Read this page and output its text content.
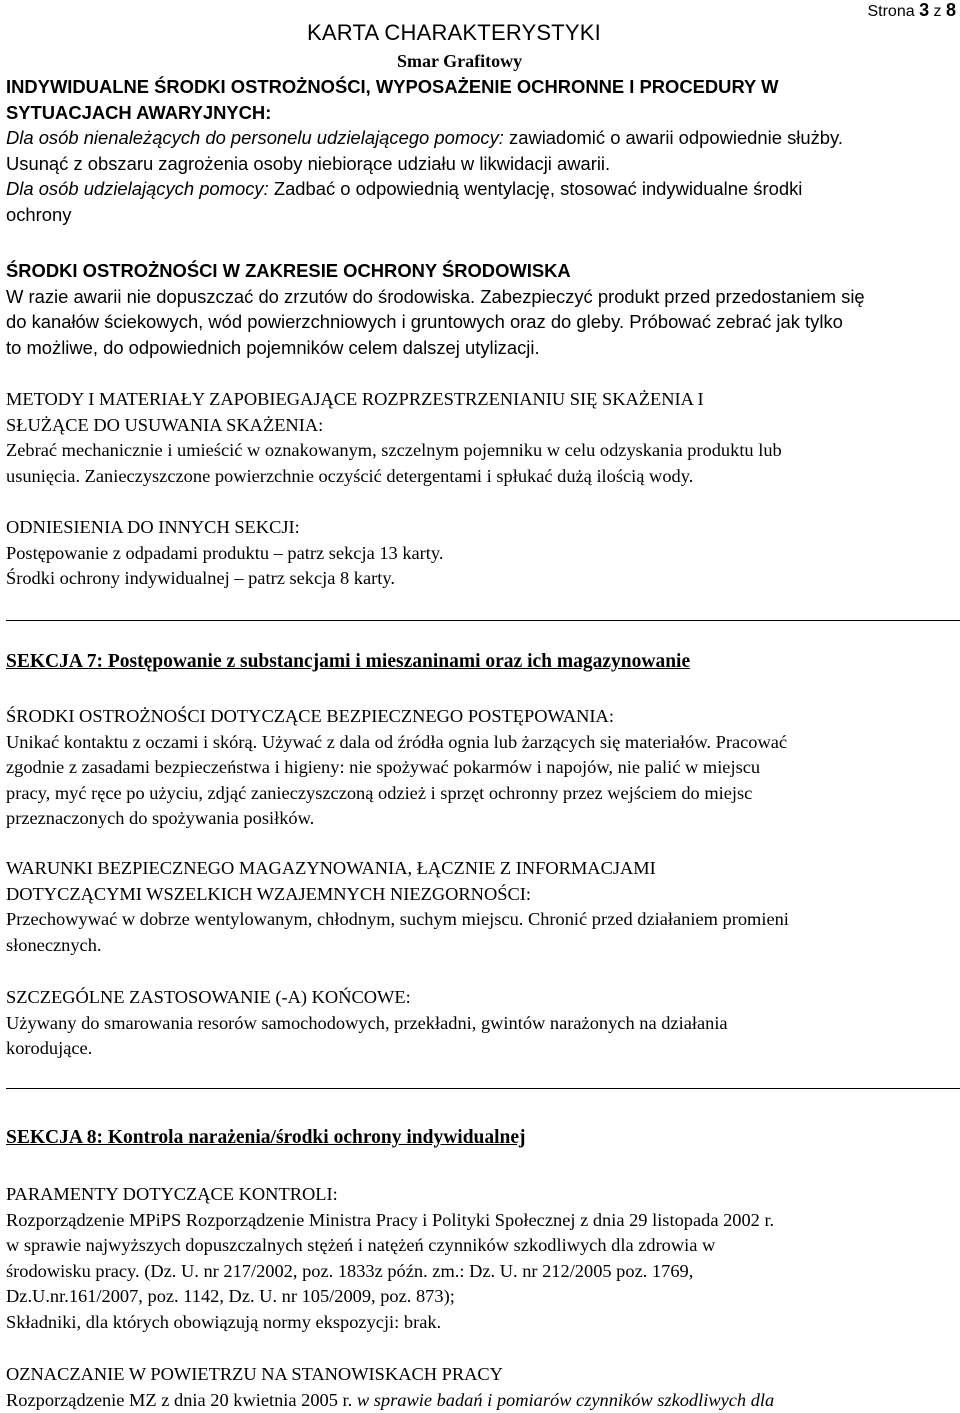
Strona 3 z 8
KARTA CHARAKTERYSTYKI
Smar Grafitowy
INDYWIDUALNE ŚRODKI OSTROŻNOŚCI, WYPOSAŻENIE OCHRONNE I PROCEDURY W
SYTUACJACH AWARYJNYCH:
Dla osób nienależących do personelu udzielającego pomocy: zawiadomić o awarii odpowiednie służby.
Usunąć z obszaru zagrożenia osoby niebiorące udziału w likwidacji awarii.
Dla osób udzielających pomocy: Zadbać o odpowiednią wentylację, stosować indywidualne środki
ochrony
ŚRODKI OSTROŻNOŚCI W ZAKRESIE OCHRONY ŚRODOWISKA
W razie awarii nie dopuszczać do zrzutów do środowiska. Zabezpieczyć produkt przed przedostaniem się
do kanałów ściekowych, wód powierzchniowych i gruntowych oraz do gleby. Próbować zebrać jak tylko
to możliwe, do odpowiednich pojemników celem dalszej utylizacji.
METODY I MATERIAŁY ZAPOBIEGAJĄCE ROZPRZESTRZENIANIU SIĘ SKAŻENIA I
SŁUŻĄCE DO USUWANIA SKAŻENIA:
Zebrać mechanicznie i umieścić w oznakowanym, szczelnym pojemniku w celu odzyskania produktu lub
usunięcia. Zanieczyszczone powierzchnie oczyścić detergentami i spłukać dużą ilością wody.
ODNIESIENIA DO INNYCH SEKCJI:
Postępowanie z odpadami produktu – patrz sekcja 13 karty.
Środki ochrony indywidualnej – patrz sekcja 8 karty.
SEKCJA 7: Postępowanie z substancjami i mieszaninami oraz ich magazynowanie
ŚRODKI OSTROŻNOŚCI DOTYCZĄCE BEZPIECZNEGO POSTĘPOWANIA:
Unikać kontaktu z oczami i skórą. Używać z dala od źródła ognia lub żarzących się materiałów. Pracować
zgodnie z zasadami bezpieczeństwa i higieny: nie spożywać pokarmów i napojów, nie palić w miejscu
pracy, myć ręce po użyciu, zdjąć zanieczyszczoną odzież i sprzęt ochronny przez wejściem do miejsc
przeznaczonych do spożywania posiłków.
WARUNKI BEZPIECZNEGO MAGAZYNOWANIA, ŁĄCZNIE Z INFORMACJAMI
DOTYCZĄCYMI WSZELKICH WZAJEMNYCH NIEZGORNOŚCI:
Przechowywać w dobrze wentylowanym, chłodnym, suchym miejscu. Chronić przed działaniem promieni
słonecznych.
SZCZEGÓLNE ZASTOSOWANIE (-A) KOŃCOWE:
Używany do smarowania resorów samochodowych, przekładni, gwintów narażonych na działania
korodujące.
SEKCJA 8: Kontrola narażenia/środki ochrony indywidualnej
PARAMENTY DOTYCZĄCE KONTROLI:
Rozporządzenie MPiPS Rozporządzenie Ministra Pracy i Polityki Społecznej z dnia 29 listopada 2002 r.
w sprawie najwyższych dopuszczalnych stężeń i natężeń czynników szkodliwych dla zdrowia w
środowisku pracy. (Dz. U. nr 217/2002, poz. 1833z późn. zm.: Dz. U. nr 212/2005 poz. 1769,
Dz.U.nr.161/2007, poz. 1142, Dz. U. nr 105/2009, poz. 873);
Składniki, dla których obowiązują normy ekspozycji: brak.
OZNACZANIE W POWIETRZU NA STANOWISKACH PRACY
Rozporządzenie MZ z dnia 20 kwietnia 2005 r. w sprawie badań i pomiarów czynników szkodliwych dla
